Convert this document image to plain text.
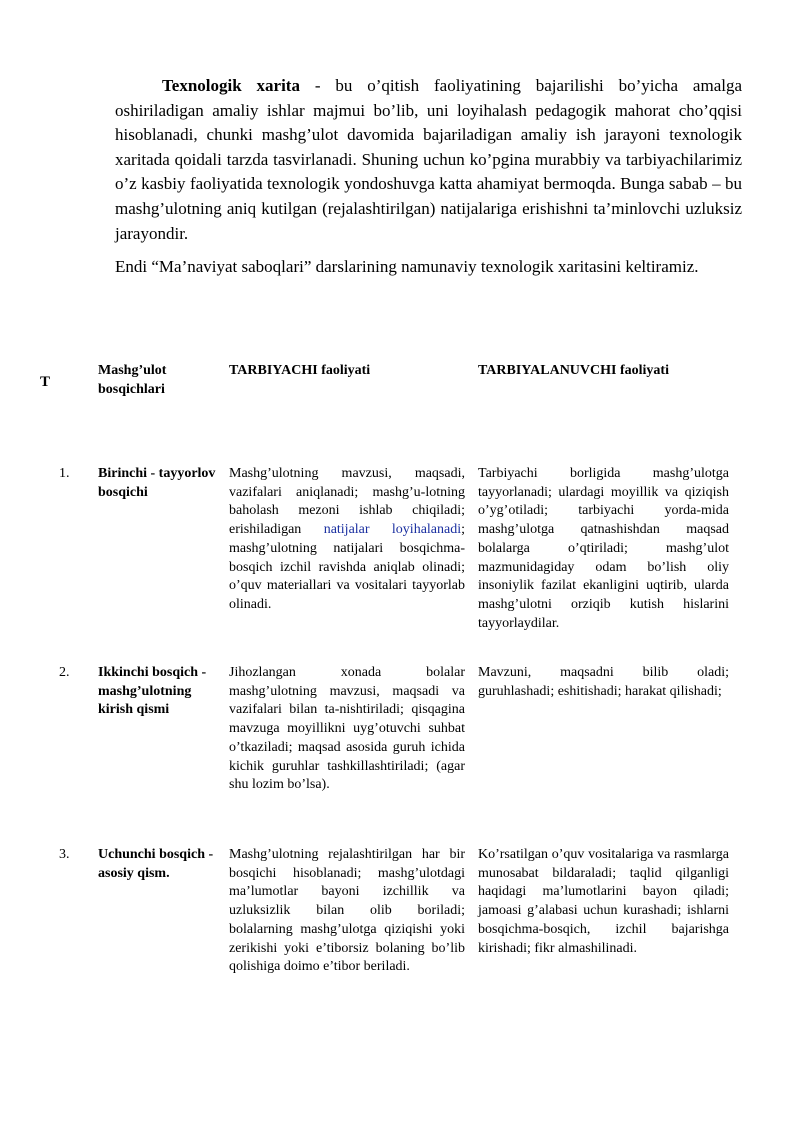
Texnologik xarita - bu o’qitish faoliyatining bajarilishi bo’yicha amalga oshiriladigan amaliy ishlar majmui bo’lib, uni loyihalash pedagogik mahorat cho’qqisi hisoblanadi, chunki mashg’ulot davomida bajariladigan amaliy ish jarayoni texnologik xaritada qoidali tarzda tasvirlanadi. Shuning uchun ko’pgina murabbiy va tarbiyachilarimiz o’z kasbiy faoliyatida texnologik yondoshuvga katta ahamiyat bermoqda. Bunga sabab – bu mashg’ulotning aniq kutilgan (rejalashtirilgan) natijalariga erishishni ta’minlovchi uzluksiz jarayondir.

Endi “Ma’naviyat saboqlari” darslarining namunaviy texnologik xaritasini keltiramiz.

T
Mashg’ulot bosqichlari
TARBIYACHI faoliyati	TARBIYALANUVCHI faoliyati
1. Birinchi - tayyorlov bosqichi
Mashg’ulotning mavzusi, maqsadi, vazifalari aniqlanadi; mashg’u-lotning baholash mezoni ishlab chiqiladi; erishiladigan natijalar loyihalanadi; mashg’ulotning natijalari bosqichma-bosqich izchil ravishda aniqlab olinadi; o’quv materiallari va vositalari tayyorlab olinadi.
Tarbiyachi borligida mashg’ulotga tayyorlanadi; ulardagi moyillik va qiziqish o’yg’otiladi; tarbiyachi yorda-mida mashg’ulotga qatnashishdan maqsad bolalarga o’qtiriladi; mashg’ulot mazmunidagiday odam bo’lish oliy insoniylik fazilat ekanligini uqtirib, ularda mashg’ulotni orziqib kutish hislarini tayyorlaydilar.
2. Ikkinchi bosqich - mashg’ulotning kirish qismi
Jihozlangan xonada bolalar mashg’ulotning mavzusi, maqsadi va vazifalari bilan ta-nishtiriladi; qisqagina mavzuga moyillikni uyg’otuvchi suhbat o’tkaziladi; maqsad asosida guruh ichida kichik guruhlar tashkillashtiriladi; (agar shu lozim bo’lsa).
Mavzuni, maqsadni bilib oladi; guruhlashadi; eshitishadi; harakat qilishadi;
3. Uchunchi bosqich - asosiy qism.
Mashg’ulotning rejalashtirilgan har bir bosqichi hisoblanadi; mashg’ulotdagi ma’lumotlar bayoni izchillik va uzluksizlik bilan olib boriladi; bolalarning mashg’ulotga qiziqishi yoki zerikishi yoki e’tiborsiz bolaning bo’lib qolishiga doimo e’tibor beriladi.
Ko’rsatilgan o’quv vositalariga va rasmlarga munosabat bildaraladi; taqlid qilganligi haqidagi ma’lumotlarini bayon qiladi; jamoasi g’alabasi uchun kurashadi; ishlarni bosqichma-bosqich, izchil bajarishga kirishadi; fikr almashilinadi.
